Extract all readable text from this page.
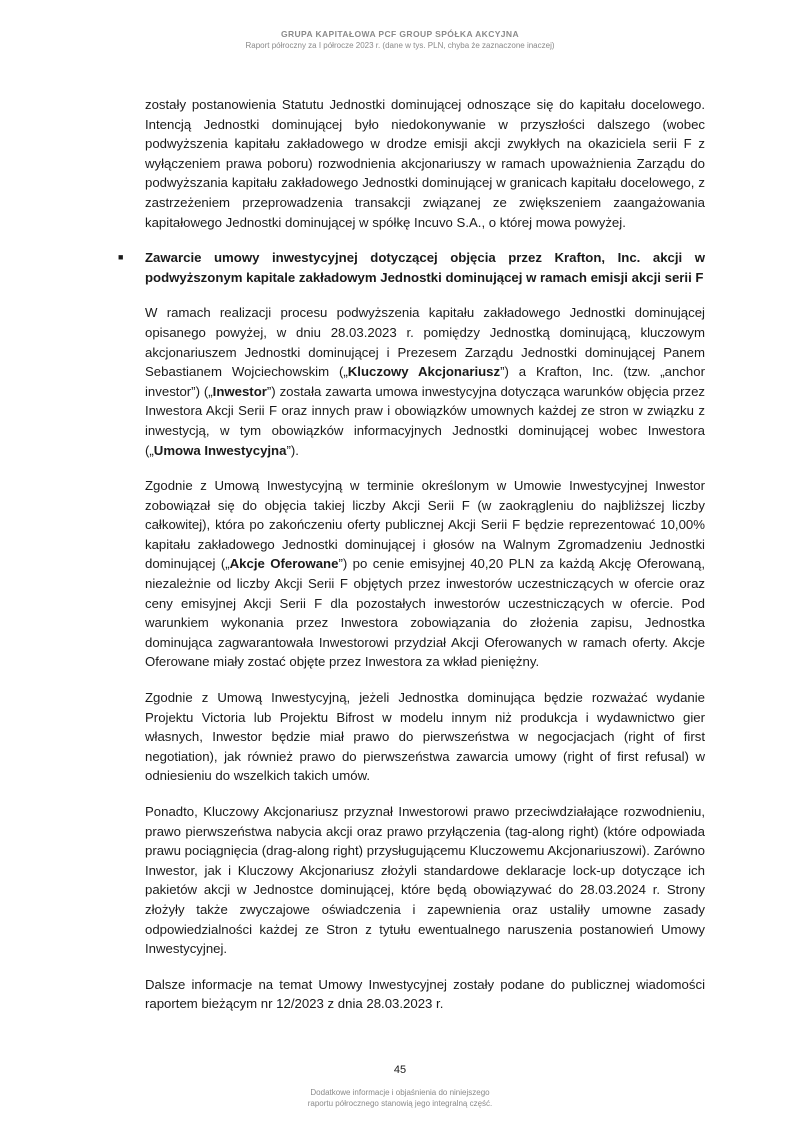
GRUPA KAPITAŁOWA PCF GROUP SPÓŁKA AKCYJNA
Raport półroczny za I półrocze 2023 r. (dane w tys. PLN, chyba że zaznaczone inaczej)

zostały postanowienia Statutu Jednostki dominującej odnoszące się do kapitału docelowego. Intencją Jednostki dominującej było niedokonywanie w przyszłości dalszego (wobec podwyższenia kapitału zakładowego w drodze emisji akcji zwykłych na okaziciela serii F z wyłączeniem prawa poboru) rozwodnienia akcjonariuszy w ramach upoważnienia Zarządu do podwyższania kapitału zakładowego Jednostki dominującej w granicach kapitału docelowego, z zastrzeżeniem przeprowadzenia transakcji związanej ze zwiększeniem zaangażowania kapitałowego Jednostki dominującej w spółkę Incuvo S.A., o której mowa powyżej.

■ Zawarcie umowy inwestycyjnej dotyczącej objęcia przez Krafton, Inc. akcji w podwyższonym kapitale zakładowym Jednostki dominującej w ramach emisji akcji serii F

W ramach realizacji procesu podwyższenia kapitału zakładowego Jednostki dominującej opisanego powyżej, w dniu 28.03.2023 r. pomiędzy Jednostką dominującą, kluczowym akcjonariuszem Jednostki dominującej i Prezesem Zarządu Jednostki dominującej Panem Sebastianem Wojciechowskim („Kluczowy Akcjonariusz”) a Krafton, Inc. (tzw. „anchor investor”) („Inwestor”) została zawarta umowa inwestycyjna dotycząca warunków objęcia przez Inwestora Akcji Serii F oraz innych praw i obowiązków umownych każdej ze stron w związku z inwestycją, w tym obowiązków informacyjnych Jednostki dominującej wobec Inwestora („Umowa Inwestycyjna”).

Zgodnie z Umową Inwestycyjną w terminie określonym w Umowie Inwestycyjnej Inwestor zobowiązał się do objęcia takiej liczby Akcji Serii F (w zaokrągleniu do najbliższej liczby całkowitej), która po zakończeniu oferty publicznej Akcji Serii F będzie reprezentować 10,00% kapitału zakładowego Jednostki dominującej i głosów na Walnym Zgromadzeniu Jednostki dominującej („Akcje Oferowane”) po cenie emisyjnej 40,20 PLN za każdą Akcję Oferowaną, niezależnie od liczby Akcji Serii F objętych przez inwestorów uczestniczących w ofercie oraz ceny emisyjnej Akcji Serii F dla pozostałych inwestorów uczestniczących w ofercie. Pod warunkiem wykonania przez Inwestora zobowiązania do złożenia zapisu, Jednostka dominująca zagwarantowała Inwestorowi przydział Akcji Oferowanych w ramach oferty. Akcje Oferowane miały zostać objęte przez Inwestora za wkład pieniężny.

Zgodnie z Umową Inwestycyjną, jeżeli Jednostka dominująca będzie rozważać wydanie Projektu Victoria lub Projektu Bifrost w modelu innym niż produkcja i wydawnictwo gier własnych, Inwestor będzie miał prawo do pierwszeństwa w negocjacjach (right of first negotiation), jak również prawo do pierwszeństwa zawarcia umowy (right of first refusal) w odniesieniu do wszelkich takich umów.

Ponadto, Kluczowy Akcjonariusz przyznał Inwestorowi prawo przeciwdziałające rozwodnieniu, prawo pierwszeństwa nabycia akcji oraz prawo przyłączenia (tag-along right) (które odpowiada prawu pociągnięcia (drag-along right) przysługującemu Kluczowemu Akcjonariuszowi). Zarówno Inwestor, jak i Kluczowy Akcjonariusz złożyli standardowe deklaracje lock-up dotyczące ich pakietów akcji w Jednostce dominującej, które będą obowiązywać do 28.03.2024 r. Strony złożyły także zwyczajowe oświadczenia i zapewnienia oraz ustaliły umowne zasady odpowiedzialności każdej ze Stron z tytułu ewentualnego naruszenia postanowień Umowy Inwestycyjnej.

Dalsze informacje na temat Umowy Inwestycyjnej zostały podane do publicznej wiadomości raportem bieżącym nr 12/2023 z dnia 28.03.2023 r.

45
Dodatkowe informacje i objaśnienia do niniejszego
raportu półrocznego stanowią jego integralną część.
